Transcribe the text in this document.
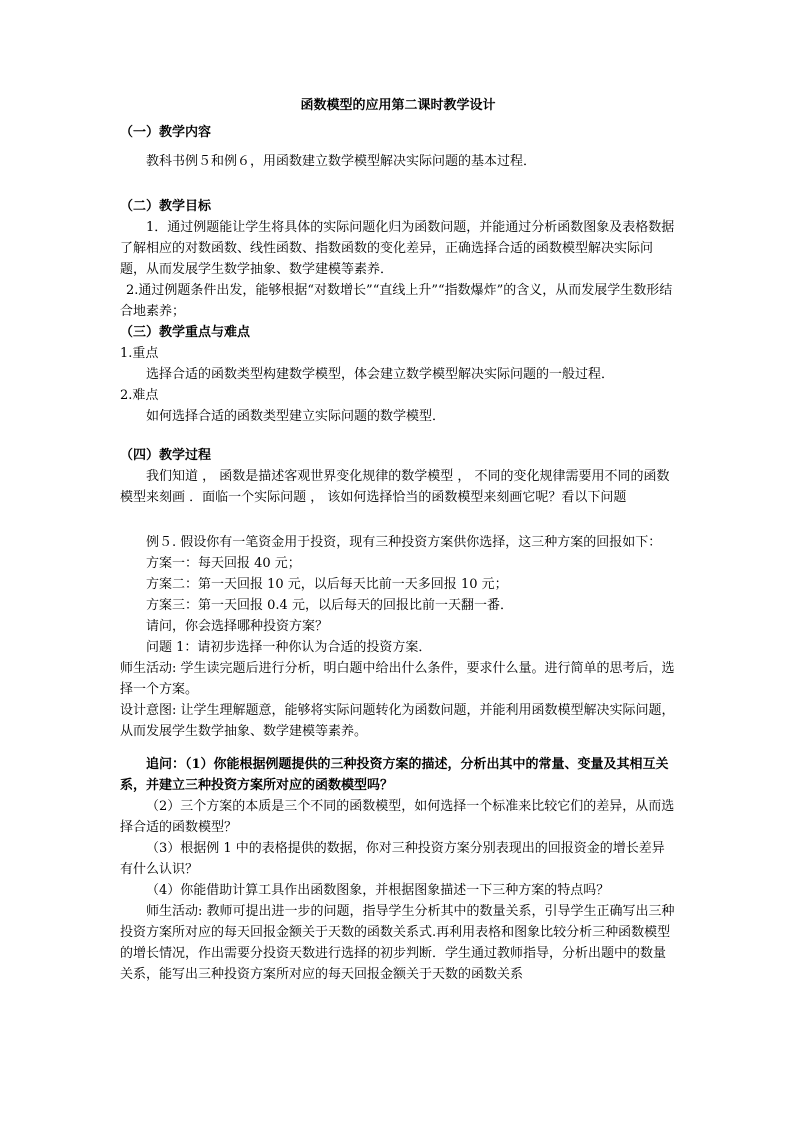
函数模型的应用第二课时教学设计

（一）教学内容

教科书例５和例６，用函数建立数学模型解决实际问题的基本过程．

（二）教学目标

1．通过例题能让学生将具体的实际问题化归为函数问题，并能通过分析函数图象及表格数据了解相应的对数函数、线性函数、指数函数的变化差异，正确选择合适的函数模型解决实际问题，从而发展学生数学抽象、数学建模等素养．

2.通过例题条件出发，能够根据“对数增长”“直线上升”“指数爆炸”的含义，从而发展学生数形结合地素养；

（三）教学重点与难点

1.重点

选择合适的函数类型构建数学模型，体会建立数学模型解决实际问题的一般过程．

2.难点

如何选择合适的函数类型建立实际问题的数学模型．

（四）教学过程

我们知道 ， 函数是描述客观世界变化规律的数学模型 ， 不同的变化规律需要用不同的函数模型来刻画 ．面临一个实际问题 ， 该如何选择恰当的函数模型来刻画它呢？看以下问题

例５. 假设你有一笔资金用于投资，现有三种投资方案供你选择，这三种方案的回报如下：

方案一：每天回报 40 元；

方案二：第一天回报 10 元，以后每天比前一天多回报 10 元；

方案三：第一天回报 0.4 元，以后每天的回报比前一天翻一番．

请问，你会选择哪种投资方案？

问题 1：请初步选择一种你认为合适的投资方案．

师生活动: 学生读完题后进行分析，明白题中给出什么条件，要求什么量。进行简单的思考后，选择一个方案。

设计意图: 让学生理解题意，能够将实际问题转化为函数问题，并能利用函数模型解决实际问题，从而发展学生数学抽象、数学建模等素养。

追问：（1）你能根据例题提供的三种投资方案的描述，分析出其中的常量、变量及其相互关系，并建立三种投资方案所对应的函数模型吗？

（2）三个方案的本质是三个不同的函数模型，如何选择一个标准来比较它们的差异，从而选择合适的函数模型？

（3）根据例 1 中的表格提供的数据，你对三种投资方案分别表现出的回报资金的增长差异有什么认识？

（4）你能借助计算工具作出函数图象，并根据图象描述一下三种方案的特点吗？

师生活动: 教师可提出进一步的问题，指导学生分析其中的数量关系，引导学生正确写出三种投资方案所对应的每天回报金额关于天数的函数关系式.再利用表格和图象比较分析三种函数模型的增长情况，作出需要分投资天数进行选择的初步判断．学生通过教师指导，分析出题中的数量关系，能写出三种投资方案所对应的每天回报金额关于天数的函数关系
